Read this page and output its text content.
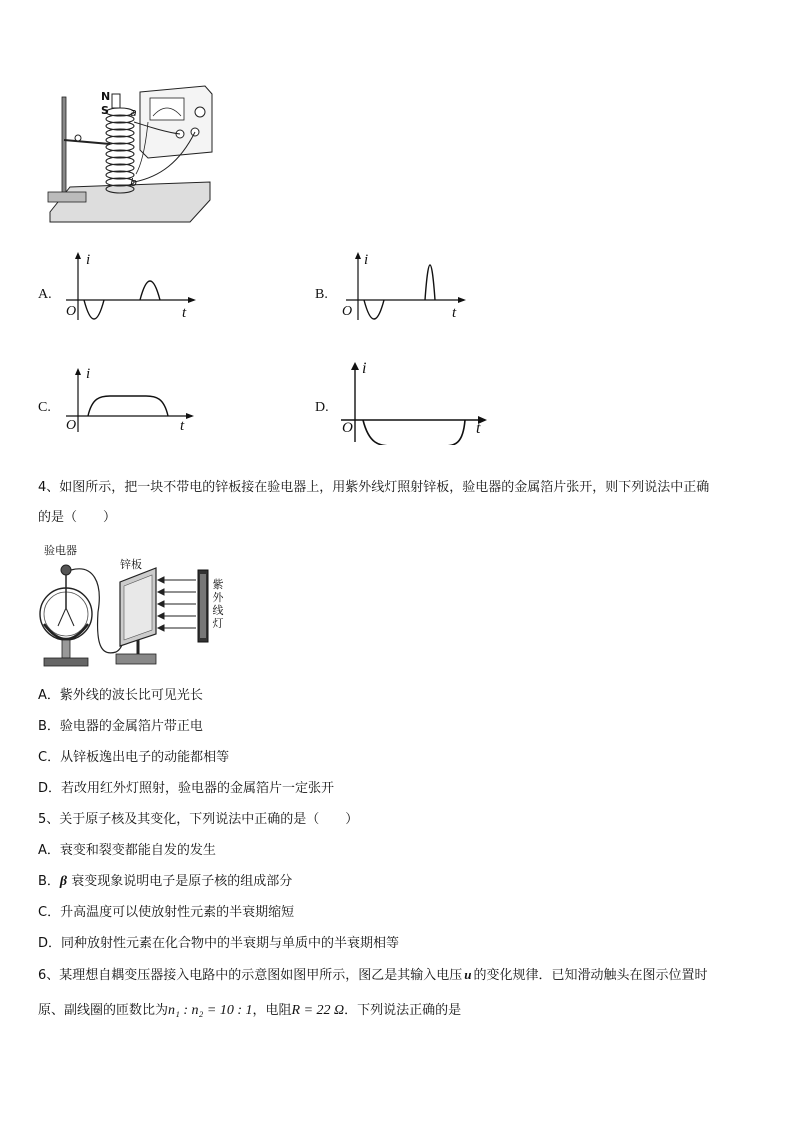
N
S a
b
A.
i
t
O
B.
i
t
O
C.
i
t
O
D.
i
t
O
4、如图所示，把一块不带电的锌板接在验电器上，用紫外线灯照射锌板，验电器的金属箔片张开，则下列说法中正确
的是（　　）
验电器
锌板
紫
外
线
灯
A．紫外线的波长比可见光长
B．验电器的金属箔片带正电
C．从锌板逸出电子的动能都相等
D．若改用红外灯照射，验电器的金属箔片一定张开
5、关于原子核及其变化，下列说法中正确的是（　　）
A．衰变和裂变都能自发的发生
B．β 衰变现象说明电子是原子核的组成部分
C．升高温度可以使放射性元素的半衰期缩短
D．同种放射性元素在化合物中的半衰期与单质中的半衰期相等
6、某理想自耦变压器接入电路中的示意图如图甲所示，图乙是其输入电压 u 的变化规律．已知滑动触头在图示位置时
原、副线圈的匝数比为n₁ : n₂ = 10 : 1，电阻R = 22 Ω．下列说法正确的是
